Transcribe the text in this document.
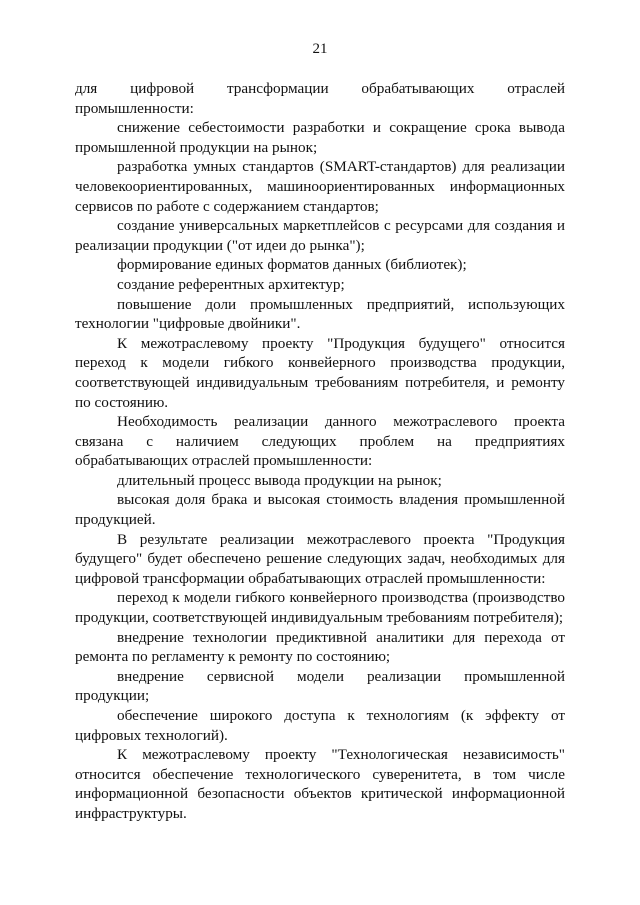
21

для цифровой трансформации обрабатывающих отраслей промышленности:

снижение себестоимости разработки и сокращение срока вывода промышленной продукции на рынок;

разработка умных стандартов (SMART-стандартов) для реализации человекоориентированных, машиноориентированных информационных сервисов по работе с содержанием стандартов;

создание универсальных маркетплейсов с ресурсами для создания и реализации продукции ("от идеи до рынка");

формирование единых форматов данных (библиотек);

создание референтных архитектур;

повышение доли промышленных предприятий, использующих технологии "цифровые двойники".

К межотраслевому проекту "Продукция будущего" относится переход к модели гибкого конвейерного производства продукции, соответствующей индивидуальным требованиям потребителя, и ремонту по состоянию.

Необходимость реализации данного межотраслевого проекта связана с наличием следующих проблем на предприятиях обрабатывающих отраслей промышленности:

длительный процесс вывода продукции на рынок;

высокая доля брака и высокая стоимость владения промышленной продукцией.

В результате реализации межотраслевого проекта "Продукция будущего" будет обеспечено решение следующих задач, необходимых для цифровой трансформации обрабатывающих отраслей промышленности:

переход к модели гибкого конвейерного производства (производство продукции, соответствующей индивидуальным требованиям потребителя);

внедрение технологии предиктивной аналитики для перехода от ремонта по регламенту к ремонту по состоянию;

внедрение сервисной модели реализации промышленной продукции;

обеспечение широкого доступа к технологиям (к эффекту от цифровых технологий).

К межотраслевому проекту "Технологическая независимость" относится обеспечение технологического суверенитета, в том числе информационной безопасности объектов критической информационной инфраструктуры.
